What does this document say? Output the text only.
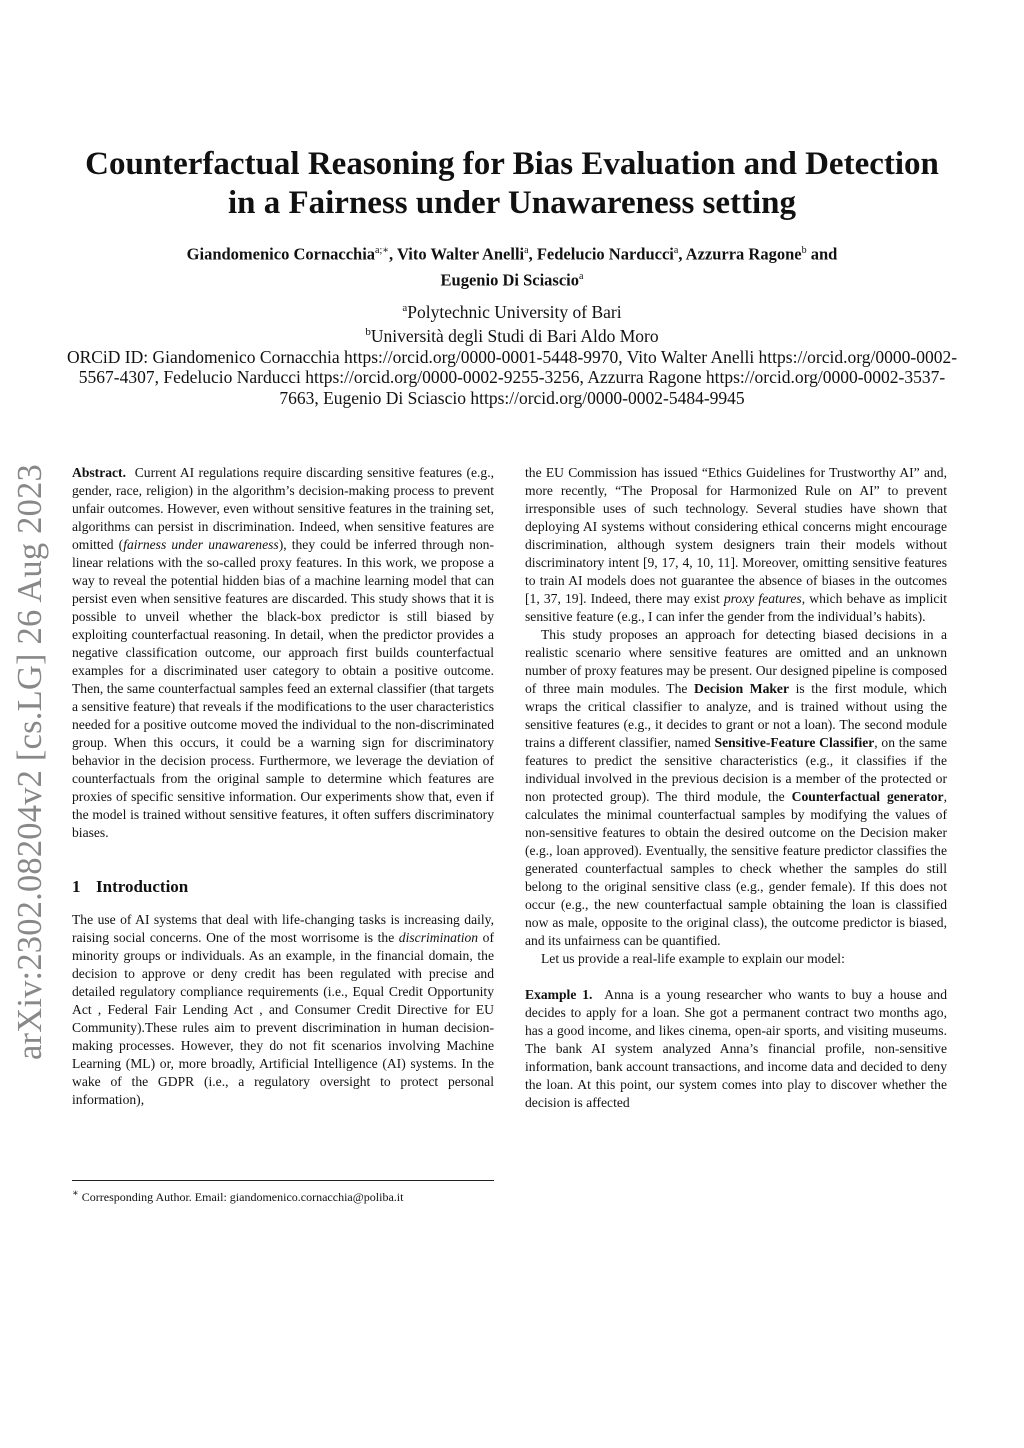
Counterfactual Reasoning for Bias Evaluation and Detection in a Fairness under Unawareness setting
Giandomenico Cornacchia$^{a;∗}$, Vito Walter Anelli$^a$, Fedelucio Narducci$^a$, Azzurra Ragone$^b$ and
Eugenio Di Sciascio$^a$
$^a$Polytechnic University of Bari
$^b$Università degli Studi di Bari Aldo Moro
ORCiD ID: Giandomenico Cornacchia https://orcid.org/0000-0001-5448-9970, Vito Walter Anelli https://orcid.org/0000-0002-5567-4307, Fedelucio Narducci https://orcid.org/0000-0002-9255-3256, Azzurra Ragone https://orcid.org/0000-0002-3537-7663, Eugenio Di Sciascio https://orcid.org/0000-0002-5484-9945
arXiv:2302.08204v2 [cs.LG] 26 Aug 2023 Abstract. Current AI regulations require discarding sensitive features (e.g., gender, race, religion) in the algorithm’s decision-making process to prevent unfair outcomes. However, even without sensitive features in the training set, algorithms can persist in discrimination. Indeed, when sensitive features are omitted (fairness under unawareness), they could be inferred through non-linear relations with the so-called proxy features. In this work, we propose a way to reveal the potential hidden bias of a machine learning model that can persist even when sensitive features are discarded. This study shows that it is possible to unveil whether the black-box predictor is still biased by exploiting counterfactual reasoning. In detail, when the predictor provides a negative classification outcome, our approach first builds counterfactual examples for a discriminated user category to obtain a positive outcome. Then, the same counterfactual samples feed an external classifier (that targets a sensitive feature) that reveals if the modifications to the user characteristics needed for a positive outcome moved the individual to the non-discriminated group. When this occurs, it could be a warning sign for discriminatory behavior in the decision process. Furthermore, we leverage the deviation of counterfactuals from the original sample to determine which features are proxies of specific sensitive information. Our experiments show that, even if the model is trained without sensitive features, it often suffers discriminatory biases.

1 Introduction

The use of AI systems that deal with life-changing tasks is increasing daily, raising social concerns. One of the most worrisome is the discrimination of minority groups or individuals. As an example, in the financial domain, the decision to approve or deny credit has been regulated with precise and detailed regulatory compliance requirements (i.e., Equal Credit Opportunity Act , Federal Fair Lending Act , and Consumer Credit Directive for EU Community).These rules aim to prevent discrimination in human decision-making processes. However, they do not fit scenarios involving Machine Learning (ML) or, more broadly, Artificial Intelligence (AI) systems. In the wake of the GDPR (i.e., a regulatory oversight to protect personal information),

∗ Corresponding Author. Email: giandomenico.cornacchia@poliba.it

the EU Commission has issued “Ethics Guidelines for Trustworthy AI” and, more recently, “The Proposal for Harmonized Rule on AI” to prevent irresponsible uses of such technology. Several studies have shown that deploying AI systems without considering ethical concerns might encourage discrimination, although system designers train their models without discriminatory intent [9, 17, 4, 10, 11]. Moreover, omitting sensitive features to train AI models does not guarantee the absence of biases in the outcomes [1, 37, 19]. Indeed, there may exist proxy features, which behave as implicit sensitive feature (e.g., I can infer the gender from the individual’s habits).

This study proposes an approach for detecting biased decisions in a realistic scenario where sensitive features are omitted and an unknown number of proxy features may be present. Our designed pipeline is composed of three main modules. The Decision Maker is the first module, which wraps the critical classifier to analyze, and is trained without using the sensitive features (e.g., it decides to grant or not a loan). The second module trains a different classifier, named Sensitive-Feature Classifier, on the same features to predict the sensitive characteristics (e.g., it classifies if the individual involved in the previous decision is a member of the protected or non protected group). The third module, the Counterfactual generator, calculates the minimal counterfactual samples by modifying the values of non-sensitive features to obtain the desired outcome on the Decision maker (e.g., loan approved). Eventually, the sensitive feature predictor classifies the generated counterfactual samples to check whether the samples do still belong to the original sensitive class (e.g., gender female). If this does not occur (e.g., the new counterfactual sample obtaining the loan is classified now as male, opposite to the original class), the outcome predictor is biased, and its unfairness can be quantified.

Let us provide a real-life example to explain our model:

Example 1. Anna is a young researcher who wants to buy a house and decides to apply for a loan. She got a permanent contract two months ago, has a good income, and likes cinema, open-air sports, and visiting museums. The bank AI system analyzed Anna’s financial profile, non-sensitive information, bank account transactions, and income data and decided to deny the loan. At this point, our system comes into play to discover whether the decision is affected
